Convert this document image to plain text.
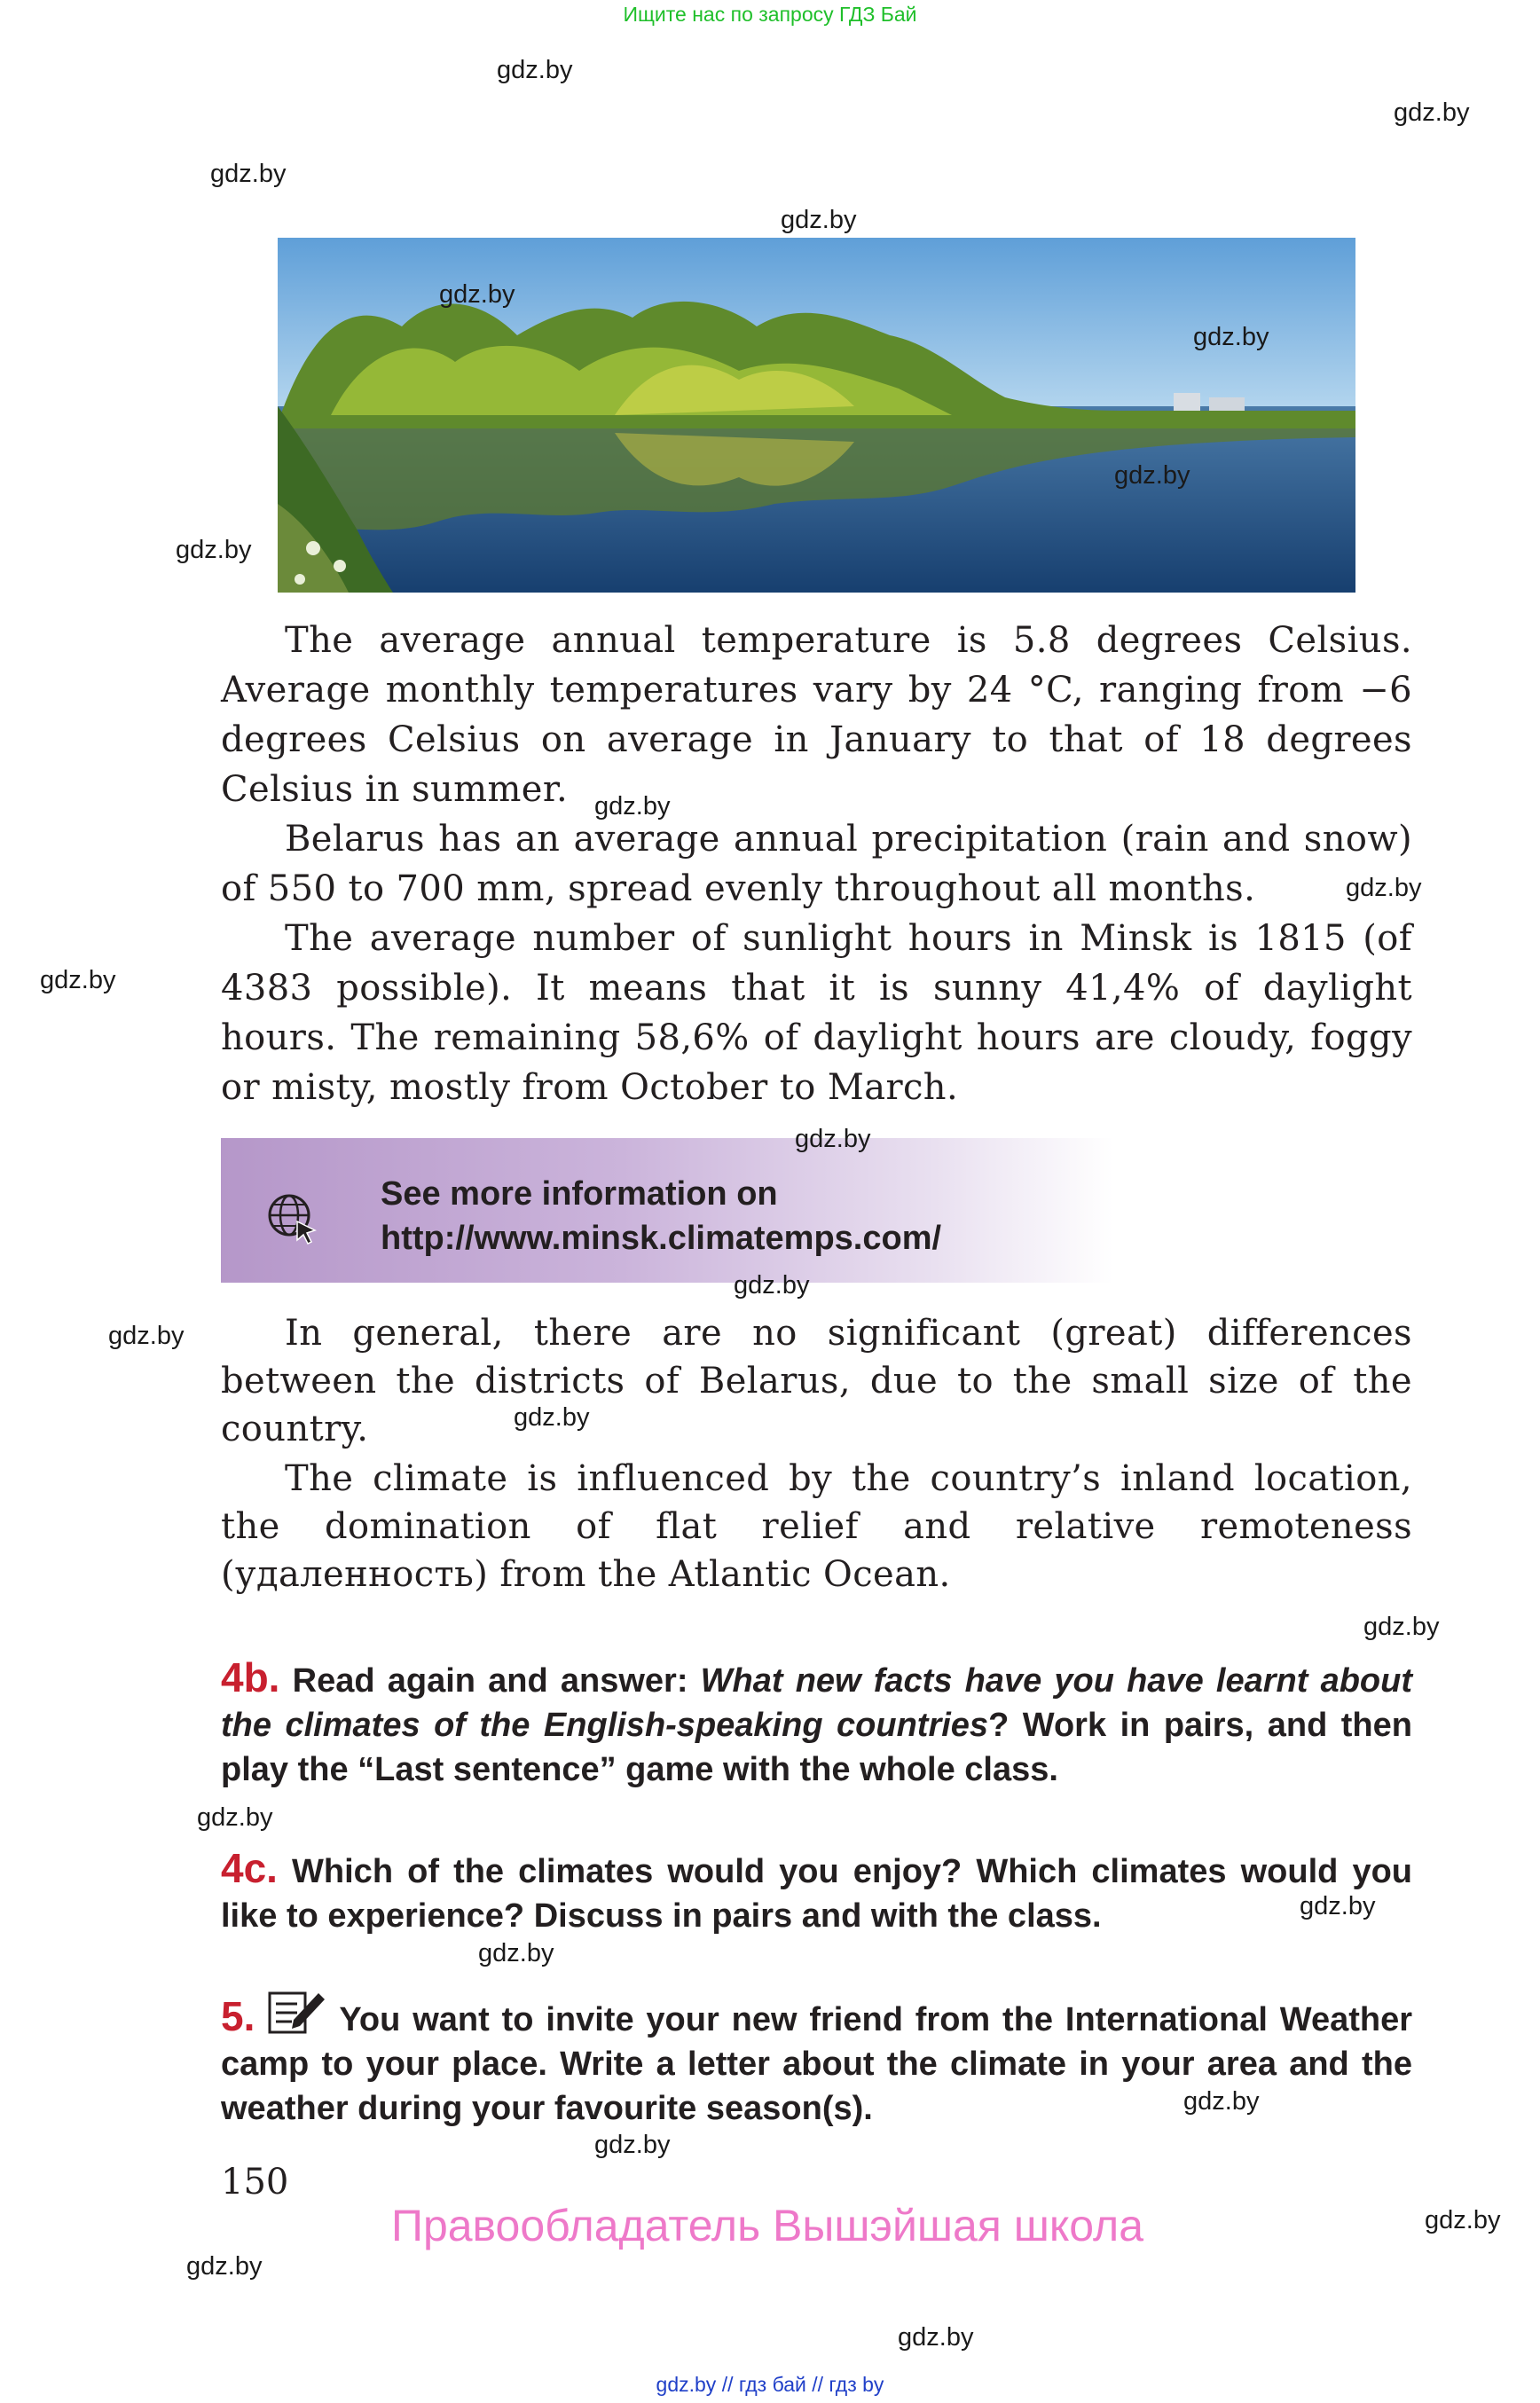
Ищите нас по запросу ГДЗ Бай
gdz.by
gdz.by
gdz.by
gdz.by
gdz.by
gdz.by
gdz.by
gdz.by

The average annual temperature is 5.8 degrees Celsius. Average monthly temperatures vary by 24 °C, ranging from −6 degrees Celsius on average in January to that of 18 degrees Celsius in summer.	gdz.by

Belarus has an average annual precipitation (rain and snow) of 550 to 700 mm, spread evenly throughout all months.	gdz.by

The average number of sunlight hours in Minsk is 1815 (of 4383 possible). It means that it is sunny 41,4% of daylight hours. The remaining 58,6% of daylight hours are cloudy, foggy or misty, mostly from October to March.

gdz.by
See more information on
http://www.minsk.climatemps.com/
gdz.by
gdz.by

In general, there are no significant (great) differences between the districts of Belarus, due to the small size of the country.

gdz.by
gdz.by

The climate is influenced by the country’s inland location, the domination of flat relief and relative remoteness (удаленность) from the Atlantic Ocean.

gdz.by

4b. Read again and answer: What new facts have you have learnt about the climates of the English-speaking countries? Work in pairs, and then play the “Last sentence” game with the whole class.

gdz.by

4c. Which of the climates would you enjoy? Which climates would you like to experience? Discuss in pairs and with the class.	gdz.by
gdz.by

5.	You want to invite your new friend from the International Weather camp to your place. Write a letter about the climate in your area and the weather during your favourite season(s).	gdz.by
gdz.by
150
gdz.by
Правообладатель Вышэйшая школа
gdz.by
gdz.by
gdz.by // гдз бай // гдз by
